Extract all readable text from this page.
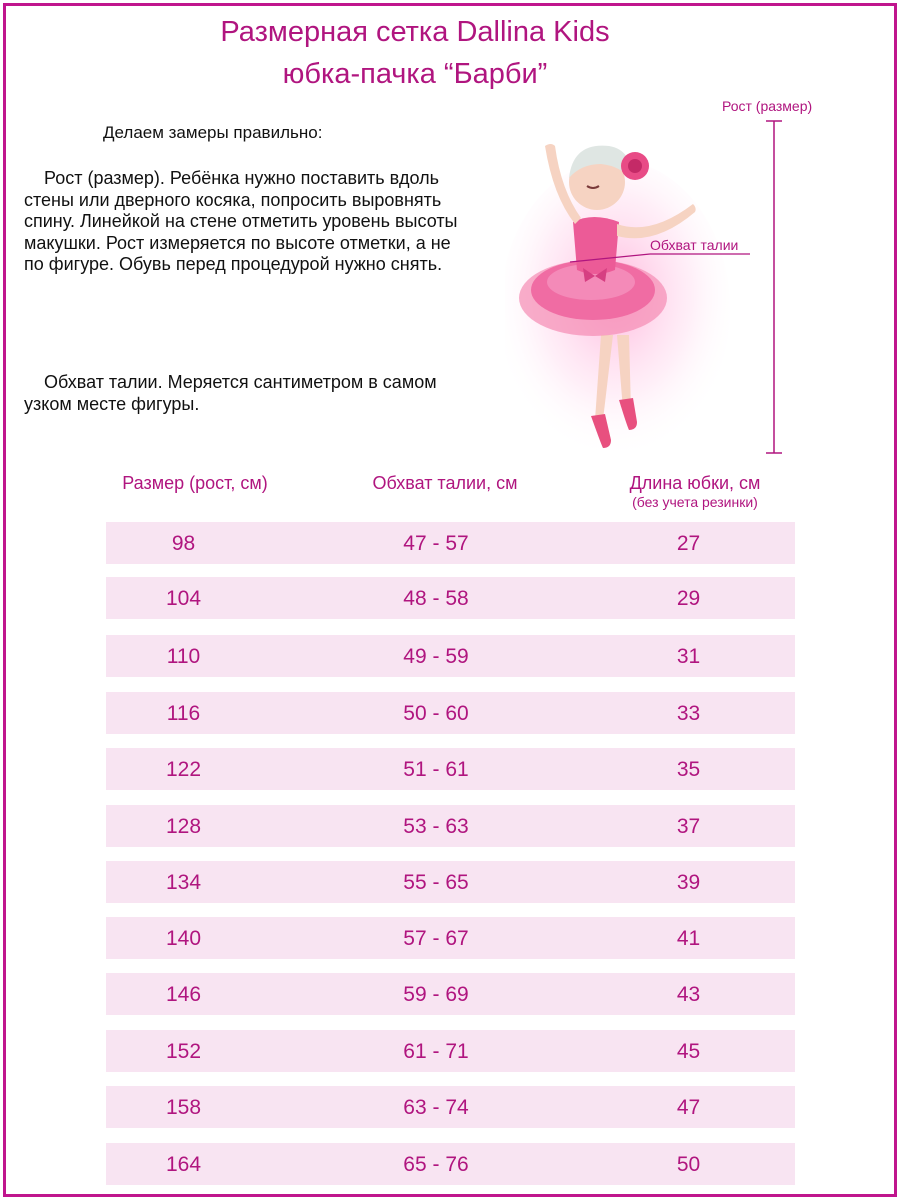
Размерная сетка Dallina Kids
юбка-пачка “Барби”
Делаем замеры правильно:
Рост (размер). Ребёнка нужно поставить вдоль стены или дверного косяка, попросить выровнять спину. Линейкой на стене отметить уровень высоты макушки. Рост измеряется по высоте отметки, а не по фигуре. Обувь перед процедурой нужно снять.
Обхват талии. Меряется сантиметром в самом узком месте фигуры.
Рост (размер)
Обхват талии
Размер (рост, см)	Обхват талии, см	Длина юбки, см
(без учета резинки)
98	47 - 57	27
104	48 - 58	29
110	49 - 59	31
116	50 - 60	33
122	51 - 61	35
128	53 - 63	37
134	55 - 65	39
140	57 - 67	41
146	59 - 69	43
152	61 - 71	45
158	63 - 74	47
164	65 - 76	50
